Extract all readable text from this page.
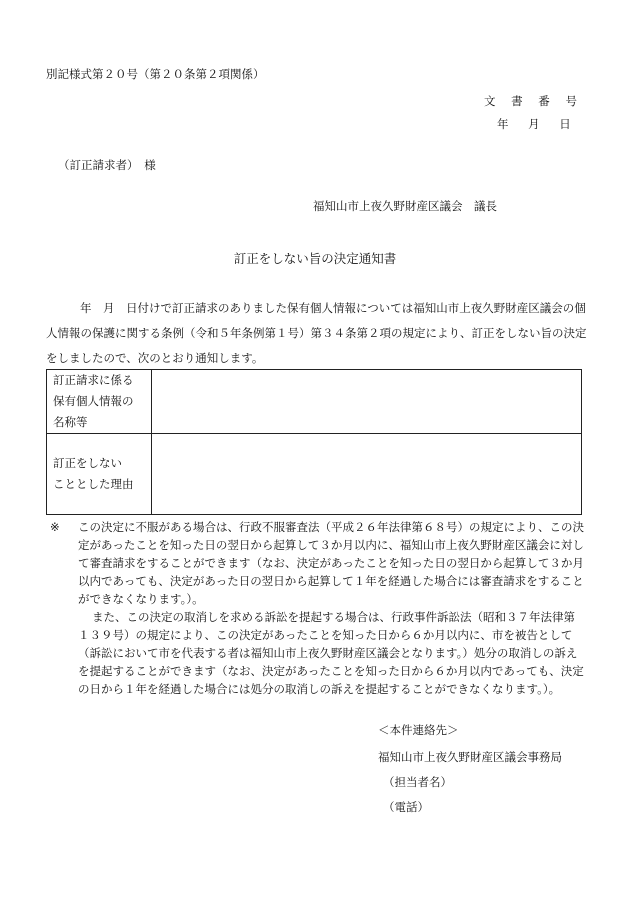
別記様式第２０号（第２０条第２項関係）
文 書 番 号
年 月 日
（訂正請求者）　様
福知山市上夜久野財産区議会　議長
訂正をしない旨の決定通知書
年　月　日付けで訂正請求のありました保有個人情報については福知山市上夜久野財産区議会の個人情報の保護に関する条例（令和５年条例第１号）第３４条第２項の規定により、訂正をしない旨の決定をしましたので、次のとおり通知します。
訂正請求に係る
保有個人情報の
名称等	

訂正をしない
こととした理由	

※	この決定に不服がある場合は、行政不服審査法（平成２６年法律第６８号）の規定により、この決定があったことを知った日の翌日から起算して３か月以内に、福知山市上夜久野財産区議会に対して審査請求をすることができます（なお、決定があったことを知った日の翌日から起算して３か月以内であっても、決定があった日の翌日から起算して１年を経過した場合には審査請求をすることができなくなります。）。

また、この決定の取消しを求める訴訟を提起する場合は、行政事件訴訟法（昭和３７年法律第１３９号）の規定により、この決定があったことを知った日から６か月以内に、市を被告として（訴訟において市を代表する者は福知山市上夜久野財産区議会となります。）処分の取消しの訴えを提起することができます（なお、決定があったことを知った日から６か月以内であっても、決定の日から１年を経過した場合には処分の取消しの訴えを提起することができなくなります。）。

＜本件連絡先＞
福知山市上夜久野財産区議会事務局
（担当者名）
（電話）
